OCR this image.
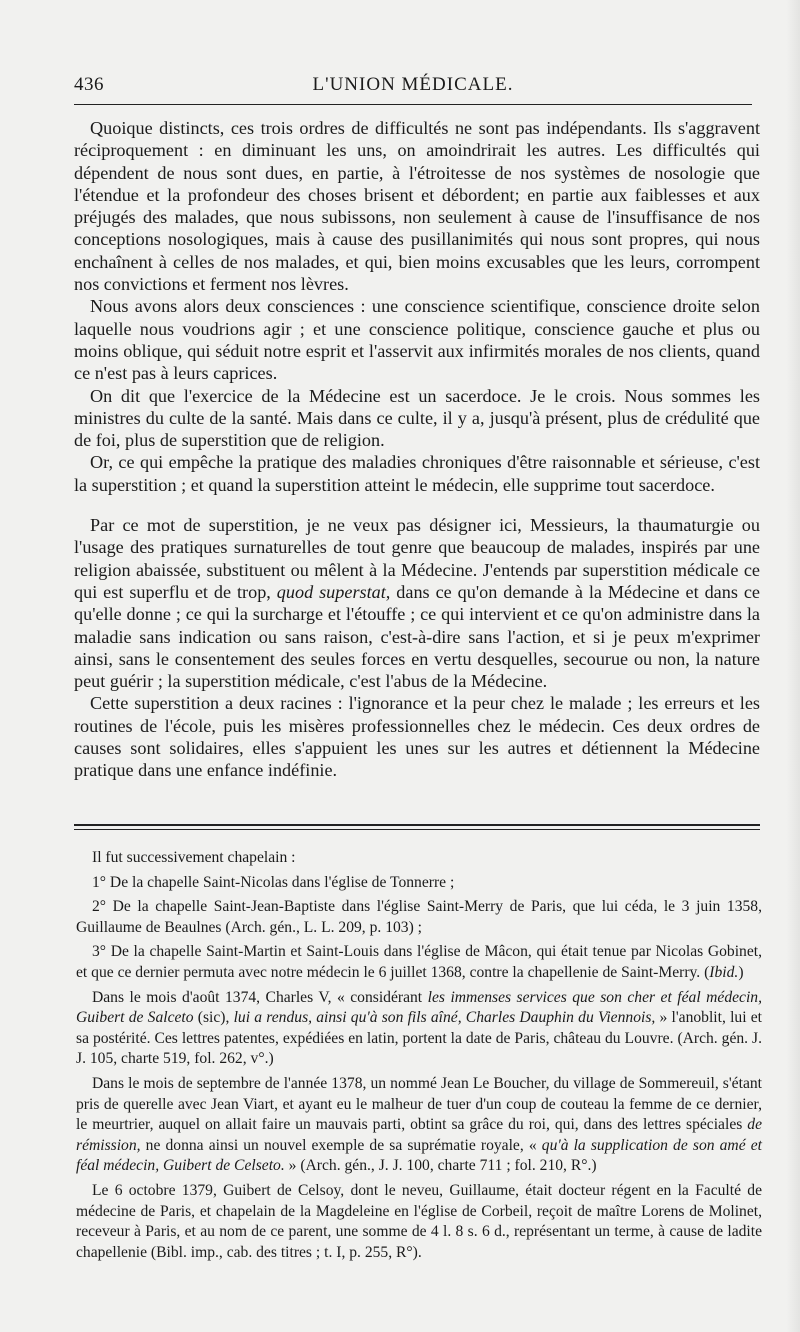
436	L'UNION MÉDICALE.

Quoique distincts, ces trois ordres de difficultés ne sont pas indépendants. Ils s'aggravent réciproquement : en diminuant les uns, on amoindrirait les autres. Les difficultés qui dépendent de nous sont dues, en partie, à l'étroitesse de nos systèmes de nosologie que l'étendue et la profondeur des choses brisent et débordent; en partie aux faiblesses et aux préjugés des malades, que nous subissons, non seulement à cause de l'insuffisance de nos conceptions nosologiques, mais à cause des pusillanimités qui nous sont propres, qui nous enchaînent à celles de nos malades, et qui, bien moins excusables que les leurs, corrompent nos convictions et ferment nos lèvres.

Nous avons alors deux consciences : une conscience scientifique, conscience droite selon laquelle nous voudrions agir ; et une conscience politique, conscience gauche et plus ou moins oblique, qui séduit notre esprit et l'asservit aux infirmités morales de nos clients, quand ce n'est pas à leurs caprices.

On dit que l'exercice de la Médecine est un sacerdoce. Je le crois. Nous sommes les ministres du culte de la santé. Mais dans ce culte, il y a, jusqu'à présent, plus de crédulité que de foi, plus de superstition que de religion.

Or, ce qui empêche la pratique des maladies chroniques d'être raisonnable et sérieuse, c'est la superstition ; et quand la superstition atteint le médecin, elle supprime tout sacerdoce.

Par ce mot de superstition, je ne veux pas désigner ici, Messieurs, la thaumaturgie ou l'usage des pratiques surnaturelles de tout genre que beaucoup de malades, inspirés par une religion abaissée, substituent ou mêlent à la Médecine. J'entends par superstition médicale ce qui est superflu et de trop, quod superstat, dans ce qu'on demande à la Médecine et dans ce qu'elle donne ; ce qui la surcharge et l'étouffe ; ce qui intervient et ce qu'on administre dans la maladie sans indication ou sans raison, c'est-à-dire sans l'action, et si je peux m'exprimer ainsi, sans le consentement des seules forces en vertu desquelles, secourue ou non, la nature peut guérir ; la superstition médicale, c'est l'abus de la Médecine.

Cette superstition a deux racines : l'ignorance et la peur chez le malade ; les erreurs et les routines de l'école, puis les misères professionnelles chez le médecin. Ces deux ordres de causes sont solidaires, elles s'appuient les unes sur les autres et détiennent la Médecine pratique dans une enfance indéfinie.

Il fut successivement chapelain :

1° De la chapelle Saint-Nicolas dans l'église de Tonnerre ;

2° De la chapelle Saint-Jean-Baptiste dans l'église Saint-Merry de Paris, que lui céda, le 3 juin 1358, Guillaume de Beaulnes (Arch. gén., L. L. 209, p. 103) ;

3° De la chapelle Saint-Martin et Saint-Louis dans l'église de Mâcon, qui était tenue par Nicolas Gobinet, et que ce dernier permuta avec notre médecin le 6 juillet 1368, contre la chapellenie de Saint-Merry. (Ibid.)

Dans le mois d'août 1374, Charles V, « considérant les immenses services que son cher et féal médecin, Guibert de Salceto (sic), lui a rendus, ainsi qu'à son fils aîné, Charles Dauphin du Viennois, » l'anoblit, lui et sa postérité. Ces lettres patentes, expédiées en latin, portent la date de Paris, château du Louvre. (Arch. gén. J. J. 105, charte 519, fol. 262, v°.)

Dans le mois de septembre de l'année 1378, un nommé Jean Le Boucher, du village de Sommereuil, s'étant pris de querelle avec Jean Viart, et ayant eu le malheur de tuer d'un coup de couteau la femme de ce dernier, le meurtrier, auquel on allait faire un mauvais parti, obtint sa grâce du roi, qui, dans des lettres spéciales de rémission, ne donna ainsi un nouvel exemple de sa suprématie royale, « qu'à la supplication de son amé et féal médecin, Guibert de Celseto. » (Arch. gén., J. J. 100, charte 711 ; fol. 210, R°.)

Le 6 octobre 1379, Guibert de Celsoy, dont le neveu, Guillaume, était docteur régent en la Faculté de médecine de Paris, et chapelain de la Magdeleine en l'église de Corbeil, reçoit de maître Lorens de Molinet, receveur à Paris, et au nom de ce parent, une somme de 4 l. 8 s. 6 d., représentant un terme, à cause de ladite chapellenie (Bibl. imp., cab. des titres ; t. I, p. 255, R°).
